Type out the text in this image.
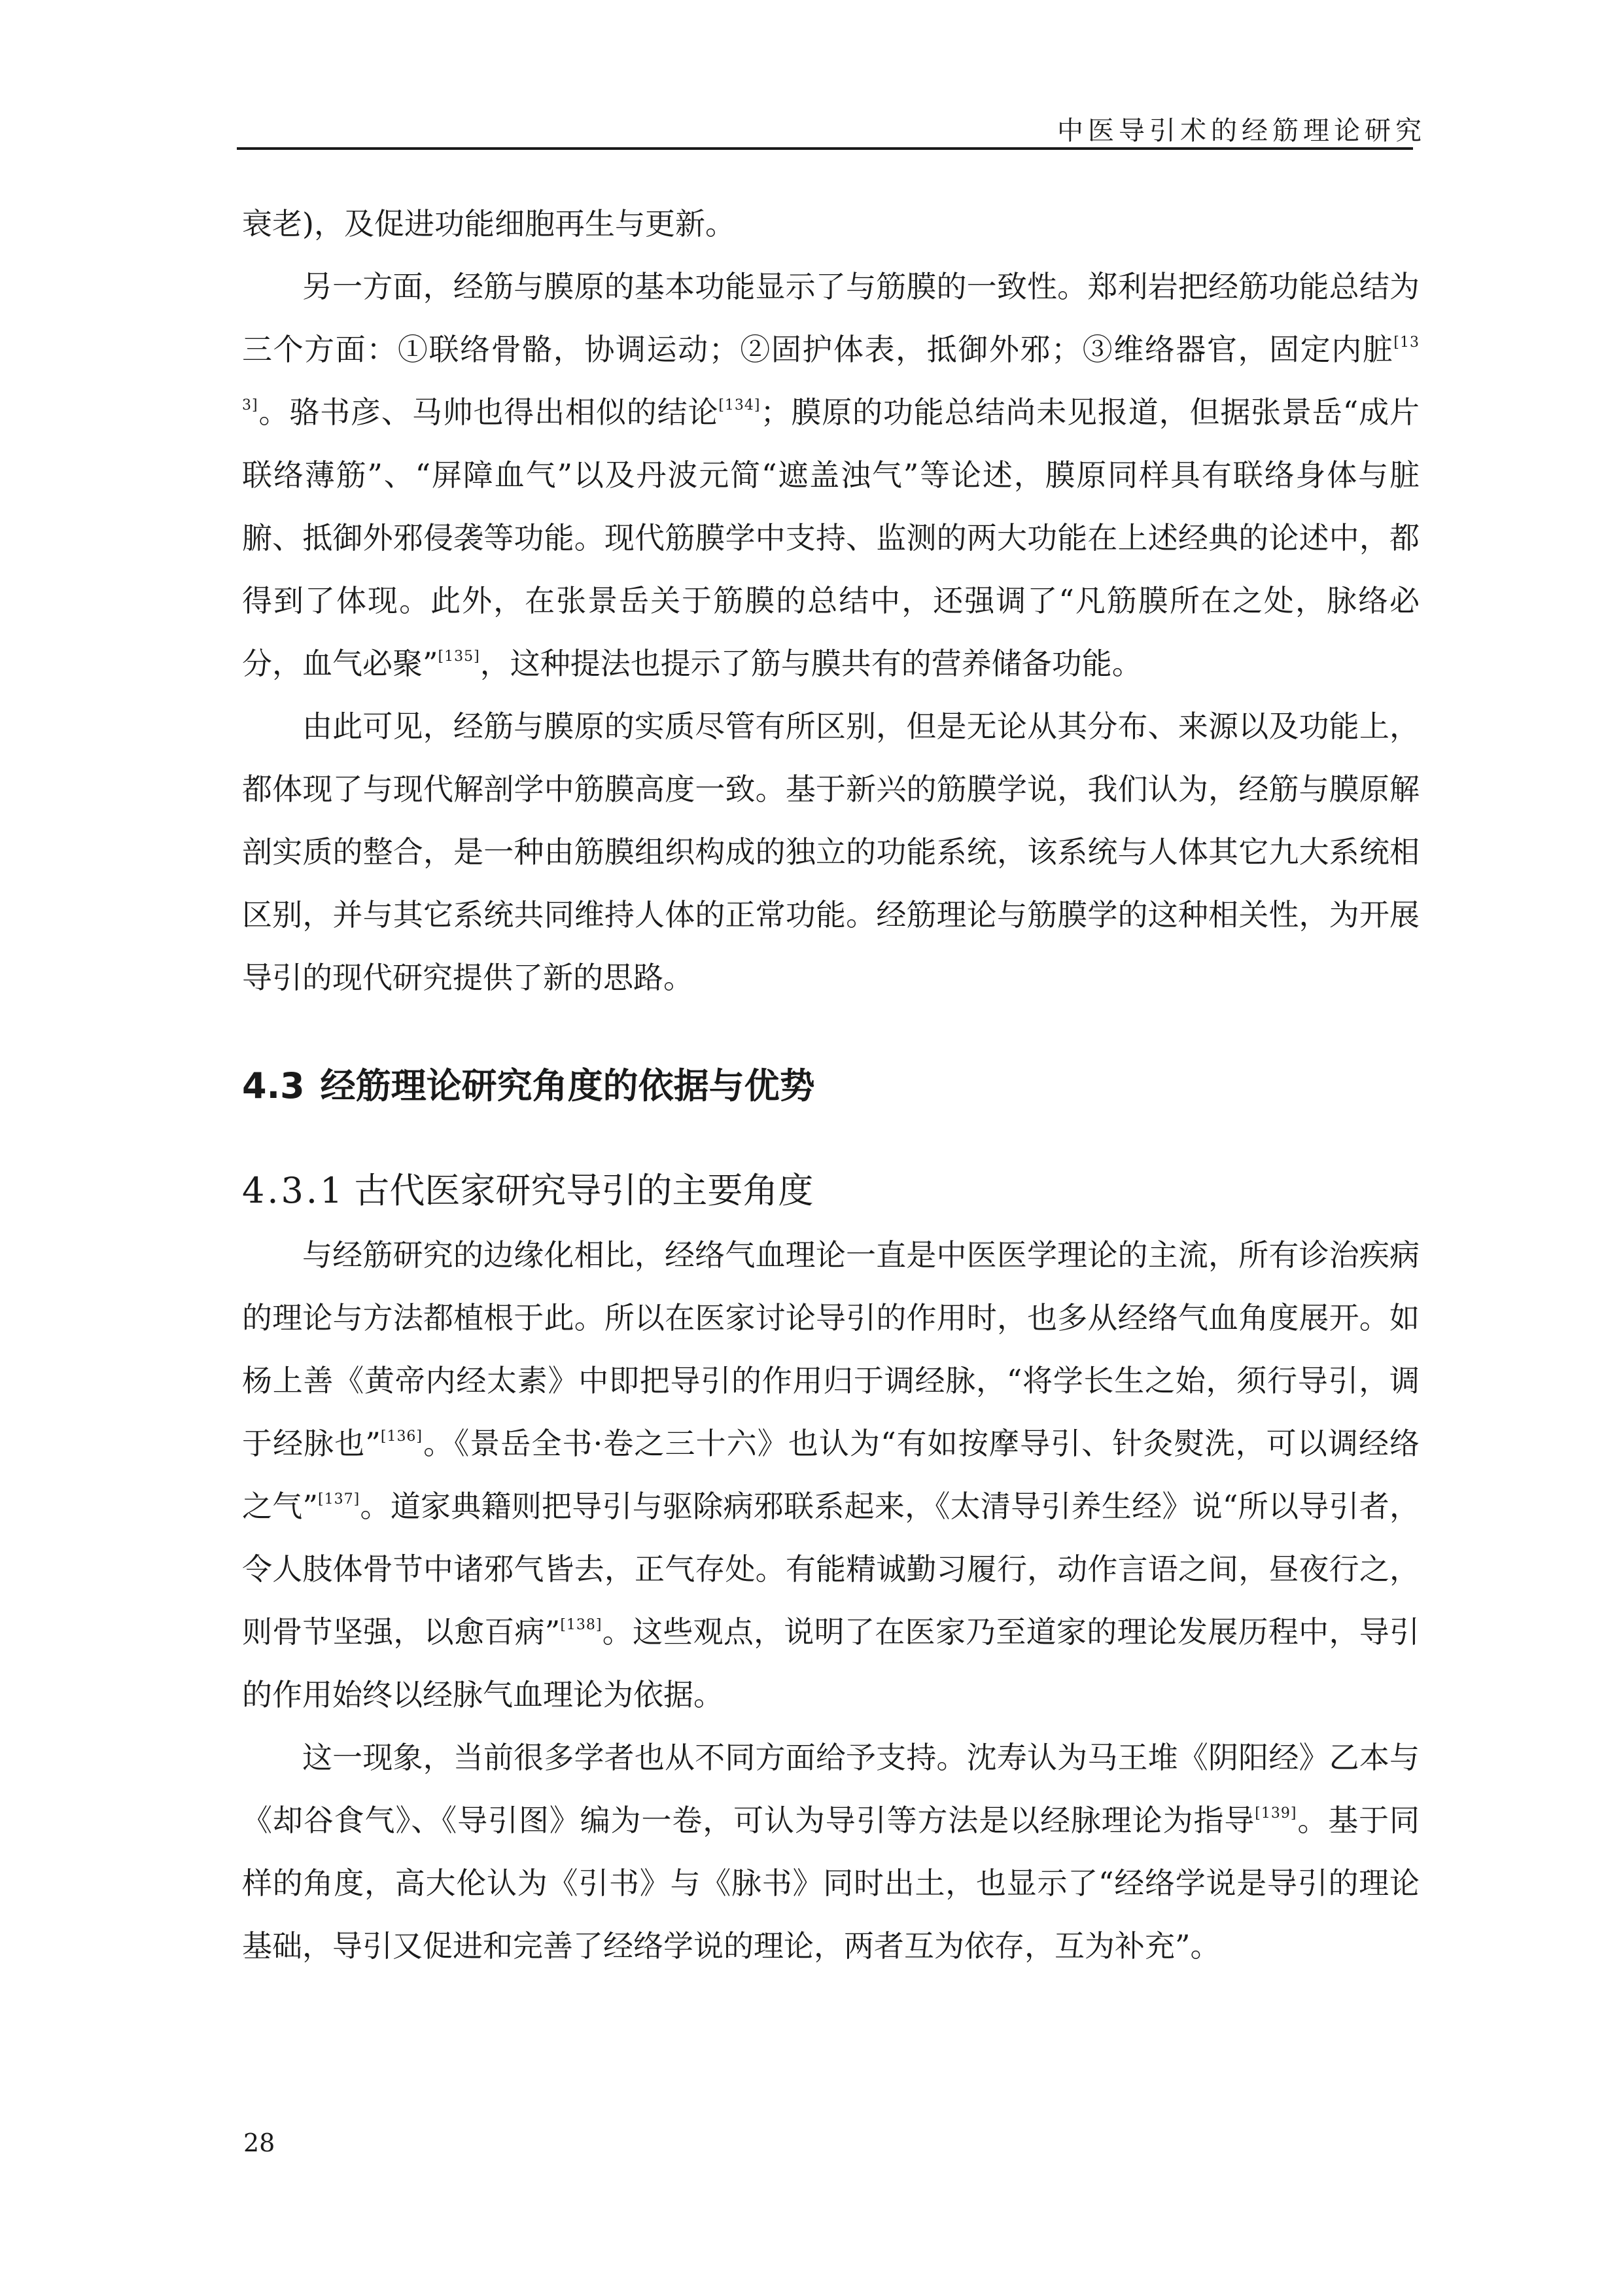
中医导引术的经筋理论研究

衰老)，及促进功能细胞再生与更新。

另一方面，经筋与膜原的基本功能显示了与筋膜的一致性。郑利岩把经筋功能总结为三个方面：①联络骨骼，协调运动；②固护体表，抵御外邪；③维络器官，固定内脏[133]。骆书彦、马帅也得出相似的结论[134]；膜原的功能总结尚未见报道，但据张景岳“成片联络薄筋”、“屏障血气”以及丹波元简“遮盖浊气”等论述，膜原同样具有联络身体与脏腑、抵御外邪侵袭等功能。现代筋膜学中支持、监测的两大功能在上述经典的论述中，都得到了体现。此外，在张景岳关于筋膜的总结中，还强调了“凡筋膜所在之处，脉络必分，血气必聚”[135]，这种提法也提示了筋与膜共有的营养储备功能。

由此可见，经筋与膜原的实质尽管有所区别，但是无论从其分布、来源以及功能上，都体现了与现代解剖学中筋膜高度一致。基于新兴的筋膜学说，我们认为，经筋与膜原解剖实质的整合，是一种由筋膜组织构成的独立的功能系统，该系统与人体其它九大系统相区别，并与其它系统共同维持人体的正常功能。经筋理论与筋膜学的这种相关性，为开展导引的现代研究提供了新的思路。

4.3 经筋理论研究角度的依据与优势
4.3.1 古代医家研究导引的主要角度

与经筋研究的边缘化相比，经络气血理论一直是中医医学理论的主流，所有诊治疾病的理论与方法都植根于此。所以在医家讨论导引的作用时，也多从经络气血角度展开。如杨上善《黄帝内经太素》中即把导引的作用归于调经脉，“将学长生之始，须行导引，调于经脉也”[136]。《景岳全书·卷之三十六》也认为“有如按摩导引、针灸熨洗，可以调经络之气”[137]。道家典籍则把导引与驱除病邪联系起来，《太清导引养生经》说“所以导引者，令人肢体骨节中诸邪气皆去，正气存处。有能精诚勤习履行，动作言语之间，昼夜行之，则骨节坚强，以愈百病”[138]。这些观点，说明了在医家乃至道家的理论发展历程中，导引的作用始终以经脉气血理论为依据。

这一现象，当前很多学者也从不同方面给予支持。沈寿认为马王堆《阴阳经》乙本与《却谷食气》、《导引图》编为一卷，可认为导引等方法是以经脉理论为指导[139]。基于同样的角度，高大伦认为《引书》与《脉书》同时出土，也显示了“经络学说是导引的理论基础，导引又促进和完善了经络学说的理论，两者互为依存，互为补充”。

28
